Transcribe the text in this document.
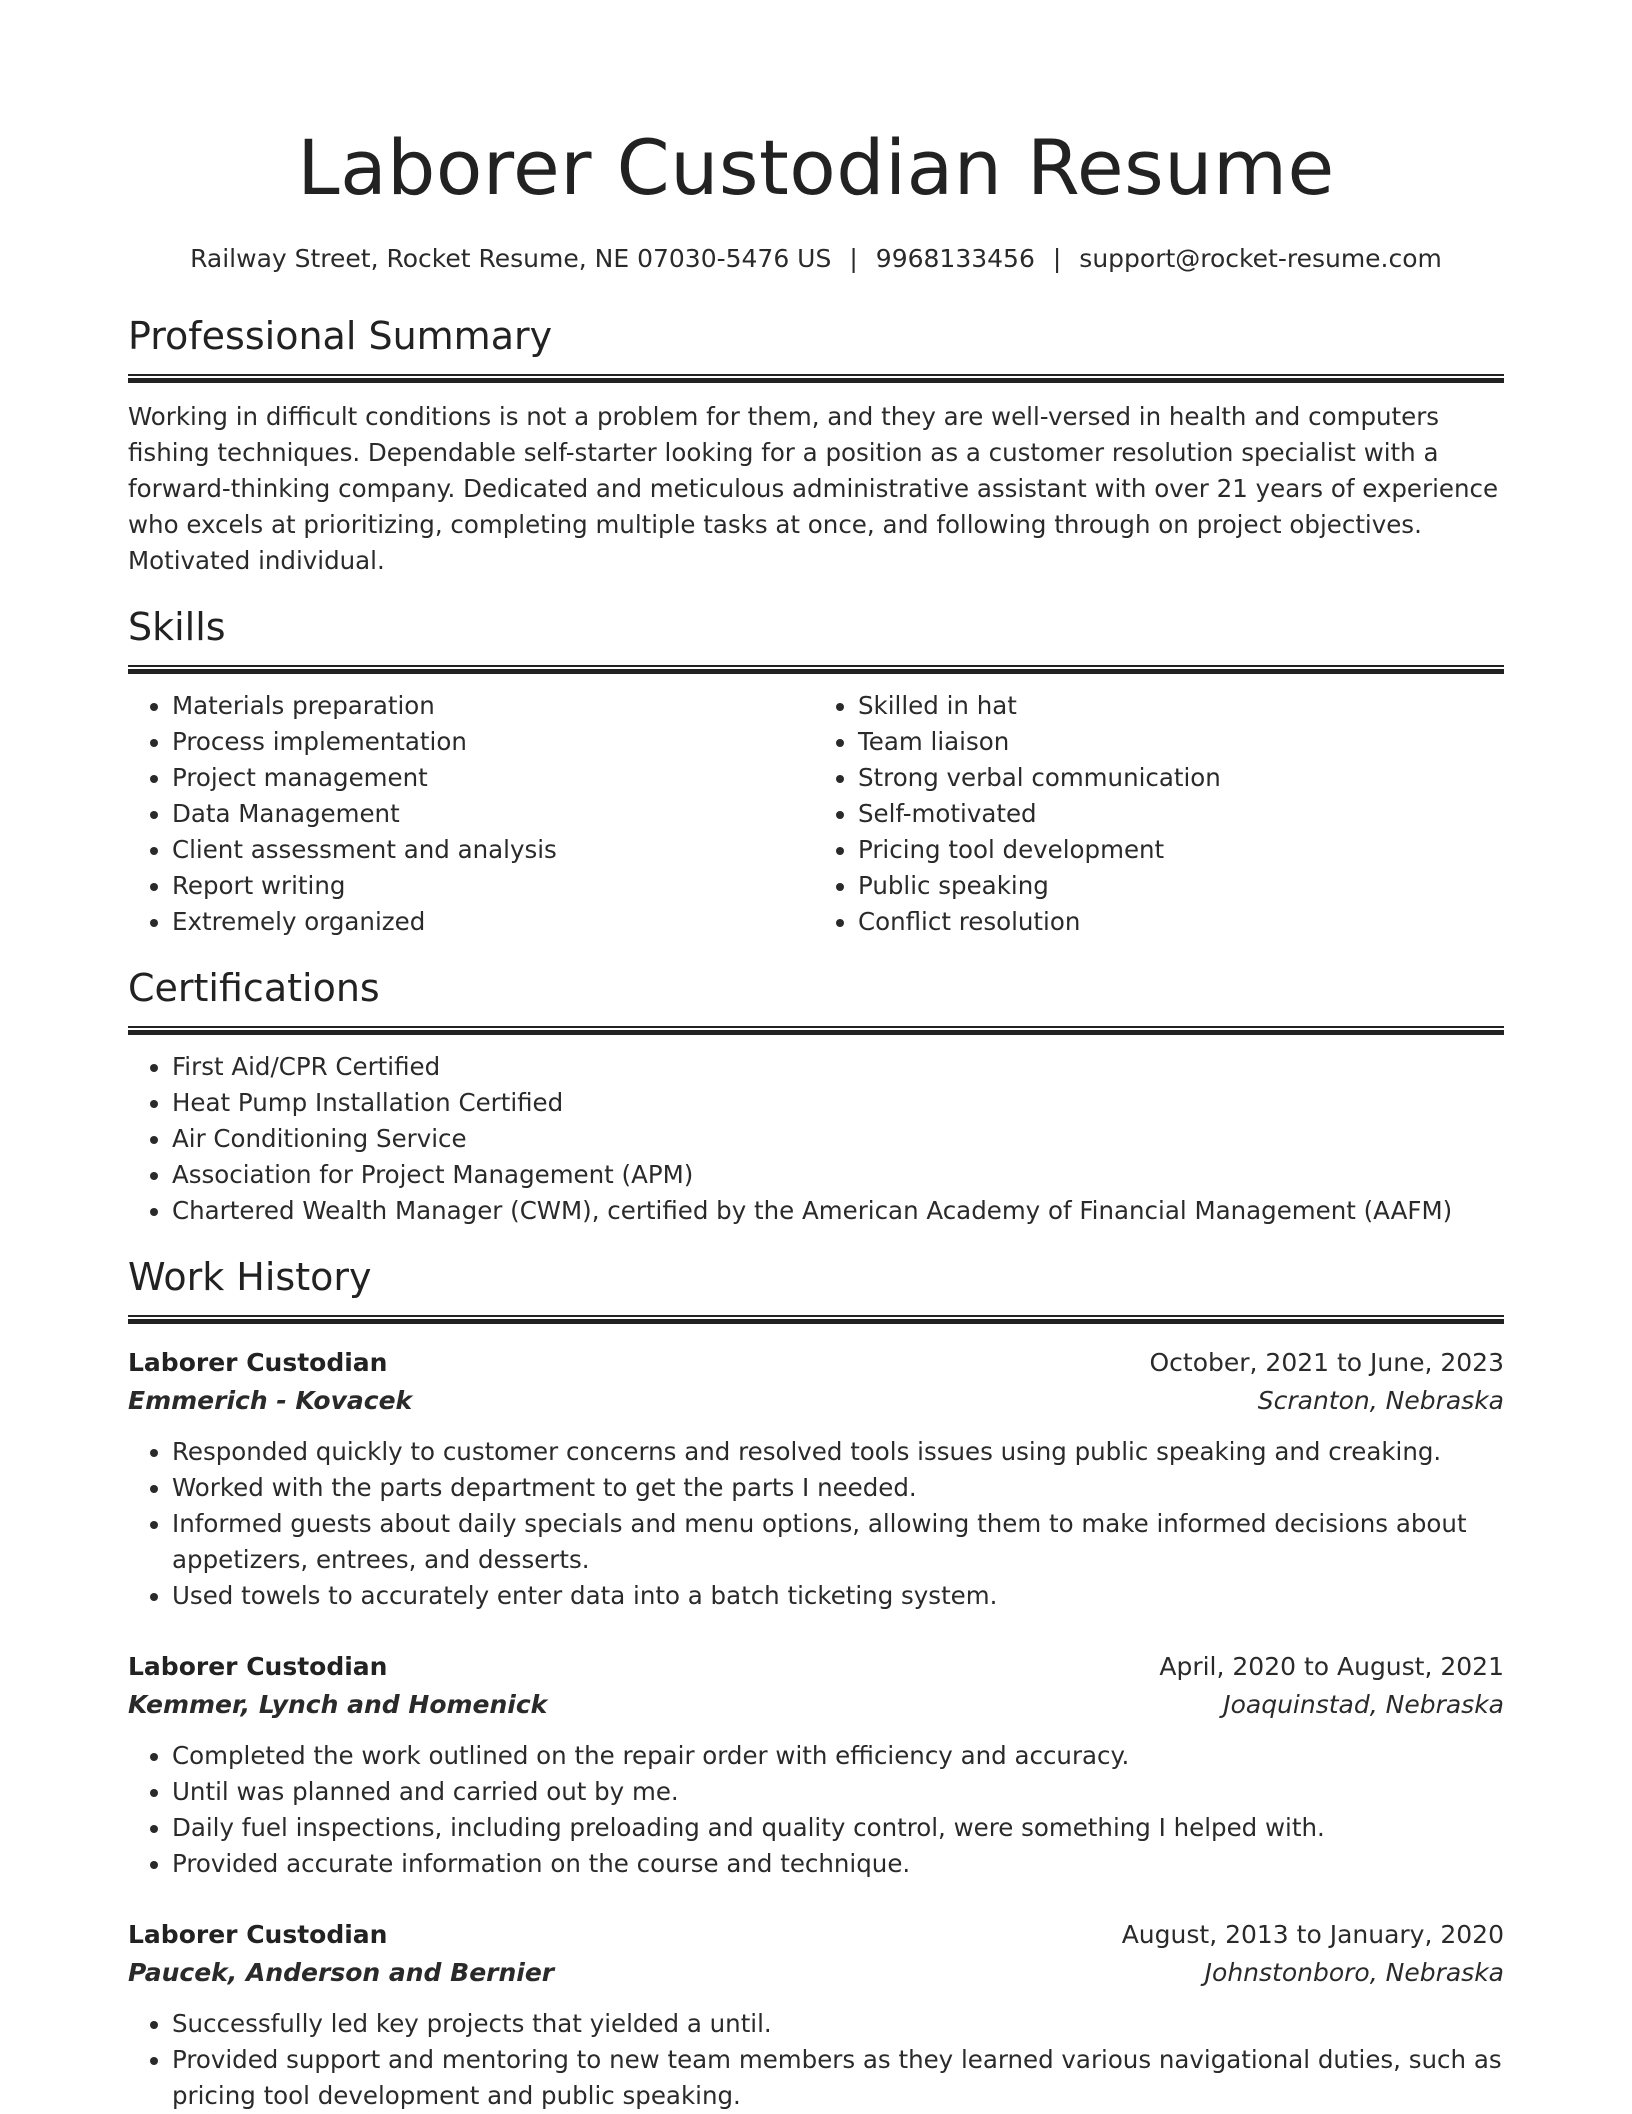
Laborer Custodian Resume
Railway Street, Rocket Resume, NE 07030-5476 US | 9968133456 | support@rocket-resume.com
Professional Summary

Working in difficult conditions is not a problem for them, and they are well-versed in health and computers fishing techniques. Dependable self-starter looking for a position as a customer resolution specialist with a forward-thinking company. Dedicated and meticulous administrative assistant with over 21 years of experience who excels at prioritizing, completing multiple tasks at once, and following through on project objectives. Motivated individual.

Skills
• Materials preparation
• Process implementation
• Project management
• Data Management
• Client assessment and analysis
• Report writing
• Extremely organized
• Skilled in hat
• Team liaison
• Strong verbal communication
• Self-motivated
• Pricing tool development
• Public speaking
• Conflict resolution
Certifications
• First Aid/CPR Certified
• Heat Pump Installation Certified
• Air Conditioning Service
• Association for Project Management (APM)
• Chartered Wealth Manager (CWM), certified by the American Academy of Financial Management (AAFM)
Work History
Laborer Custodian	October, 2021 to June, 2023
Emmerich - Kovacek	Scranton, Nebraska
• Responded quickly to customer concerns and resolved tools issues using public speaking and creaking.
• Worked with the parts department to get the parts I needed.
• Informed guests about daily specials and menu options, allowing them to make informed decisions about appetizers, entrees, and desserts.
• Used towels to accurately enter data into a batch ticketing system.
Laborer Custodian	April, 2020 to August, 2021
Kemmer, Lynch and Homenick	Joaquinstad, Nebraska
• Completed the work outlined on the repair order with efficiency and accuracy.
• Until was planned and carried out by me.
• Daily fuel inspections, including preloading and quality control, were something I helped with.
• Provided accurate information on the course and technique.
Laborer Custodian	August, 2013 to January, 2020
Paucek, Anderson and Bernier	Johnstonboro, Nebraska
• Successfully led key projects that yielded a until.
• Provided support and mentoring to new team members as they learned various navigational duties, such as pricing tool development and public speaking.
